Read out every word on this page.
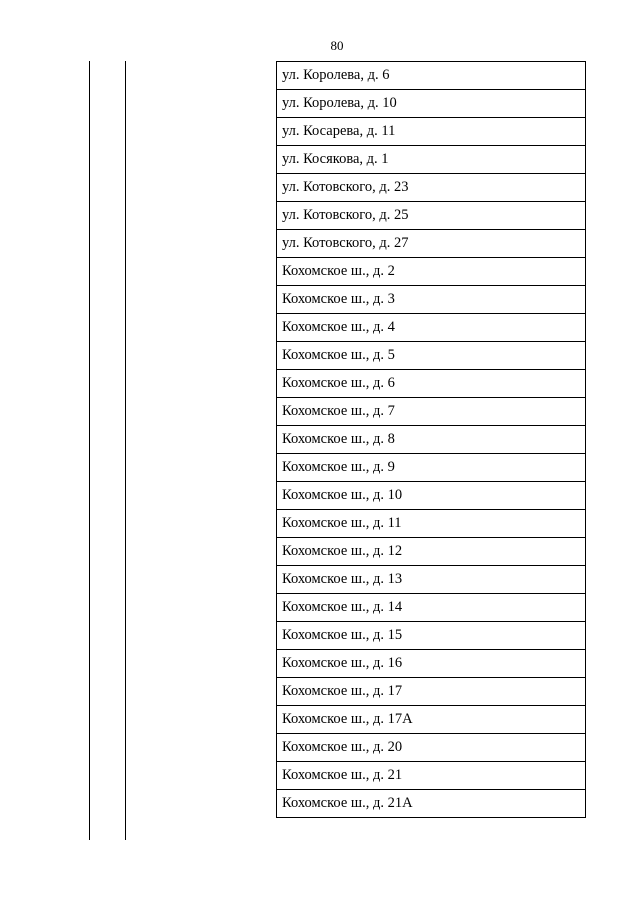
80
ул. Королева, д. 6
ул. Королева, д. 10
ул. Косарева, д. 11
ул. Косякова, д. 1
ул. Котовского, д. 23
ул. Котовского, д. 25
ул. Котовского, д. 27
Кохомское ш., д. 2
Кохомское ш., д. 3
Кохомское ш., д. 4
Кохомское ш., д. 5
Кохомское ш., д. 6
Кохомское ш., д. 7
Кохомское ш., д. 8
Кохомское ш., д. 9
Кохомское ш., д. 10
Кохомское ш., д. 11
Кохомское ш., д. 12
Кохомское ш., д. 13
Кохомское ш., д. 14
Кохомское ш., д. 15
Кохомское ш., д. 16
Кохомское ш., д. 17
Кохомское ш., д. 17А
Кохомское ш., д. 20
Кохомское ш., д. 21
Кохомское ш., д. 21А
